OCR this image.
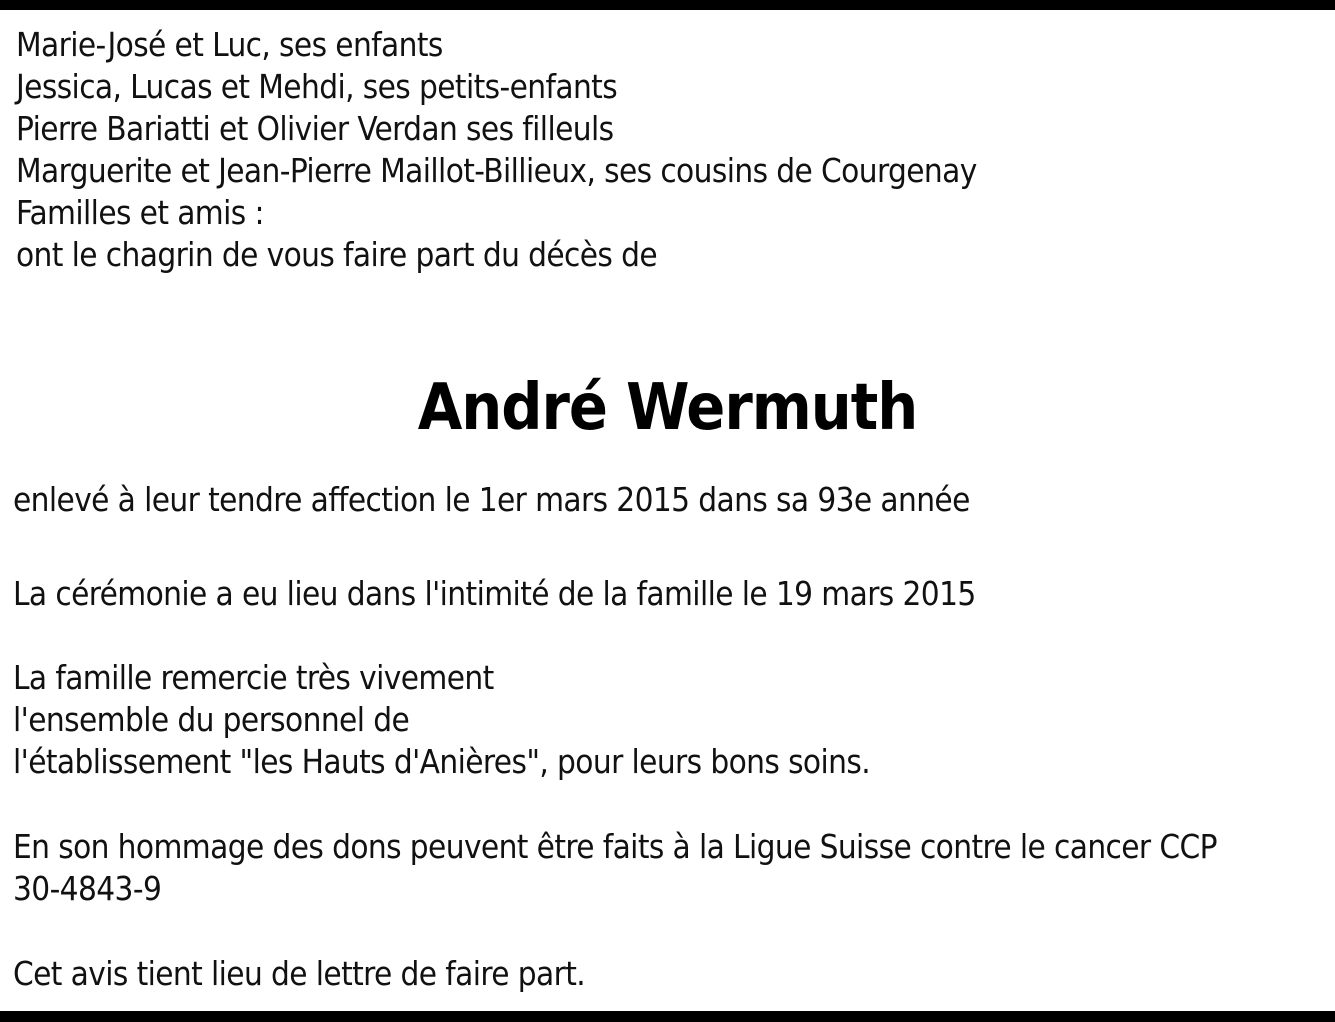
Marie-José et Luc, ses enfants
Jessica, Lucas et Mehdi, ses petits-enfants
Pierre Bariatti et Olivier Verdan ses filleuls
Marguerite et Jean-Pierre Maillot-Billieux, ses cousins de Courgenay
Familles et amis :
ont le chagrin de vous faire part du décès de
André Wermuth
enlevé à leur tendre affection le 1er mars 2015 dans sa 93e année
La cérémonie a eu lieu dans l'intimité de la famille le 19 mars 2015
La famille remercie très vivement
l'ensemble du personnel de
l'établissement "les Hauts d'Anières", pour leurs bons soins.
En son hommage des dons peuvent être faits à la Ligue Suisse contre le cancer CCP
30-4843-9
Cet avis tient lieu de lettre de faire part.
